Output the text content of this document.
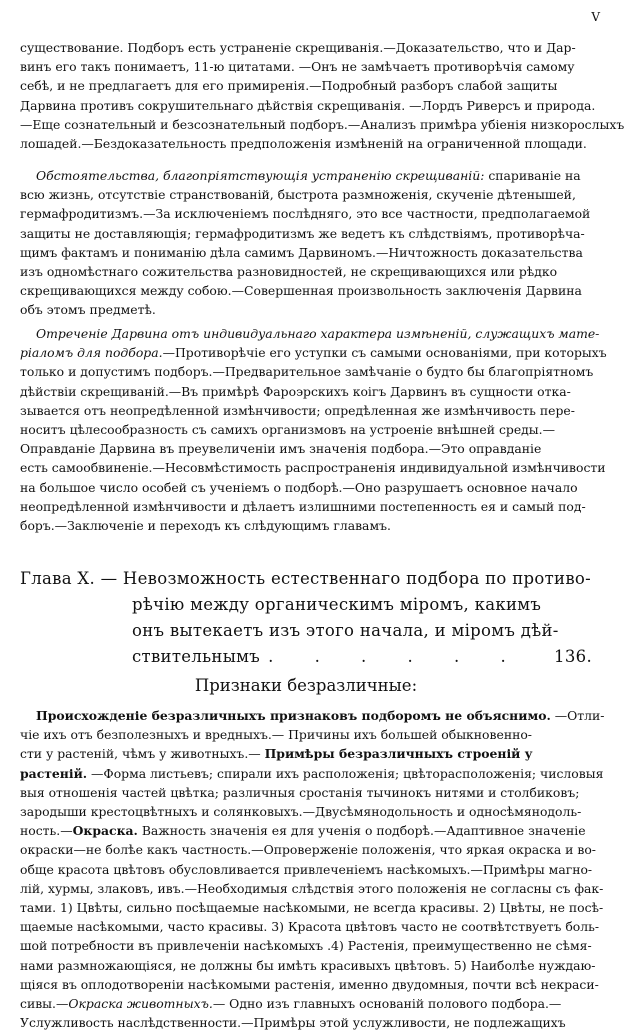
V
существование. Подборъ есть устраненіе скрещиванія.—Доказательство, что и Дар-
винъ его такъ понимаетъ, 11-ю цитатами. —Онъ не замѣчаетъ противорѣчія самому
себѣ, и не предлагаетъ для его примиренія.—Подробный разборъ слабой защиты
Дарвина противъ сокрушительнаго дѣйствія скрещиванія. —Лордъ Риверсъ и природа.
—Еще сознательный и безсознательный подборъ.—Анализъ примѣра убіенія низкорослыхъ
лошадей.—Бездоказательность предположенія измѣненій на ограниченной площади.
Обстоятельства, благопріятствующія устраненію скрещиваній: спариваніе на
всю жизнь, отсутствіе странствованій, быстрота размноженія, скученіе дѣтенышей,
гермафродитизмъ.—За исключеніемъ послѣдняго, это все частности, предполагаемой
защиты не доставляющія; гермафродитизмъ же ведетъ къ слѣдствіямъ, противорѣча-
щимъ фактамъ и пониманію дѣла самимъ Дарвиномъ.—Ничтожность доказательства
изъ одномѣстнаго сожительства разновидностей, не скрещивающихся или рѣдко
скрещивающихся между собою.—Совершенная произвольность заключенія Дарвина
объ этомъ предметѣ.
Отреченіе Дарвина отъ индивидуальнаго характера измѣненій, служащихъ мате-
ріаломъ для подбора.—Противорѣчіе его уступки съ самыми основаніями, при которыхъ
только и допустимъ подборъ.—Предварительное замѣчаніе о будто бы благопріятномъ
дѣйствіи скрещиваній.—Въ примѣрѣ Фароэрскихъ коігъ Дарвинъ въ сущности отка-
зывается отъ неопредѣленной измѣнчивости; опредѣленная же измѣнчивость пере-
носитъ цѣлесообразность съ самихъ организмовъ на устроеніе внѣшней среды.—
Оправданіе Дарвина въ преувеличеніи имъ значенія подбора.—Это оправданіе
есть самообвиненіе.—Несовмѣстимость распространенія индивидуальной измѣнчивости
на большое число особей съ ученіемъ о подборѣ.—Оно разрушаетъ основное начало
неопредѣленной измѣнчивости и дѣлаетъ излишними постепенность ея и самый под-
боръ.—Заключеніе и переходъ къ слѣдующимъ главамъ.
Глава X. — Невозможность естественнаго подбора по противо-
рѣчію между органическимъ міромъ, какимъ
онъ вытекаетъ изъ этого начала, и міромъ дѣй-
ствительнымъ . . . . . .	136.
Признаки безразличные:
Происхожденіе безразличныхъ признаковъ подборомъ не объяснимо. —Отли-
чіе ихъ отъ безполезныхъ и вредныхъ.— Причины ихъ большей обыкновенно-
сти у растеній, чѣмъ у животныхъ.— Примѣры безразличныхъ строеній у
растеній. —Форма листьевъ; спирали ихъ расположенія; цвѣторасположенія; числовыя
выя отношенія частей цвѣтка; различныя сростанія тычинокъ нитями и столбиковъ;
зародыши крестоцвѣтныхъ и солянковыхъ.—Двусѣмянодольность и односѣмянодоль-
ность.—Окраска. Важность значенія ея для ученія о подборѣ.—Адаптивное значеніе
окраски—не болѣе какъ частность.—Опроверженіе положенія, что яркая окраска и во-
обще красота цвѣтовъ обусловливается привлеченіемъ насѣкомыхъ.—Примѣры магно-
лій, хурмы, злаковъ, ивъ.—Необходимыя слѣдствія этого положенія не согласны съ фак-
тами. 1) Цвѣты, сильно посѣщаемые насѣкомыми, не всегда красивы. 2) Цвѣты, не посѣ-
щаемые насѣкомыми, часто красивы. 3) Красота цвѣтовъ часто не соотвѣтствуетъ боль-
шой потребности въ привлеченіи насѣкомыхъ .4) Растенія, преимущественно не сѣмя-
нами размножающіяся, не должны бы имѣть красивыхъ цвѣтовъ. 5) Наиболѣе нуждаю-
щіяся въ оплодотвореніи насѣкомыми растенія, именно двудомныя, почти всѣ некраси-
сивы.—Окраска животныхъ.— Одно изъ главныхъ основаній полового подбора.—
Услужливость наслѣдственности.—Примѣры этой услужливости, не подлежащихъ
